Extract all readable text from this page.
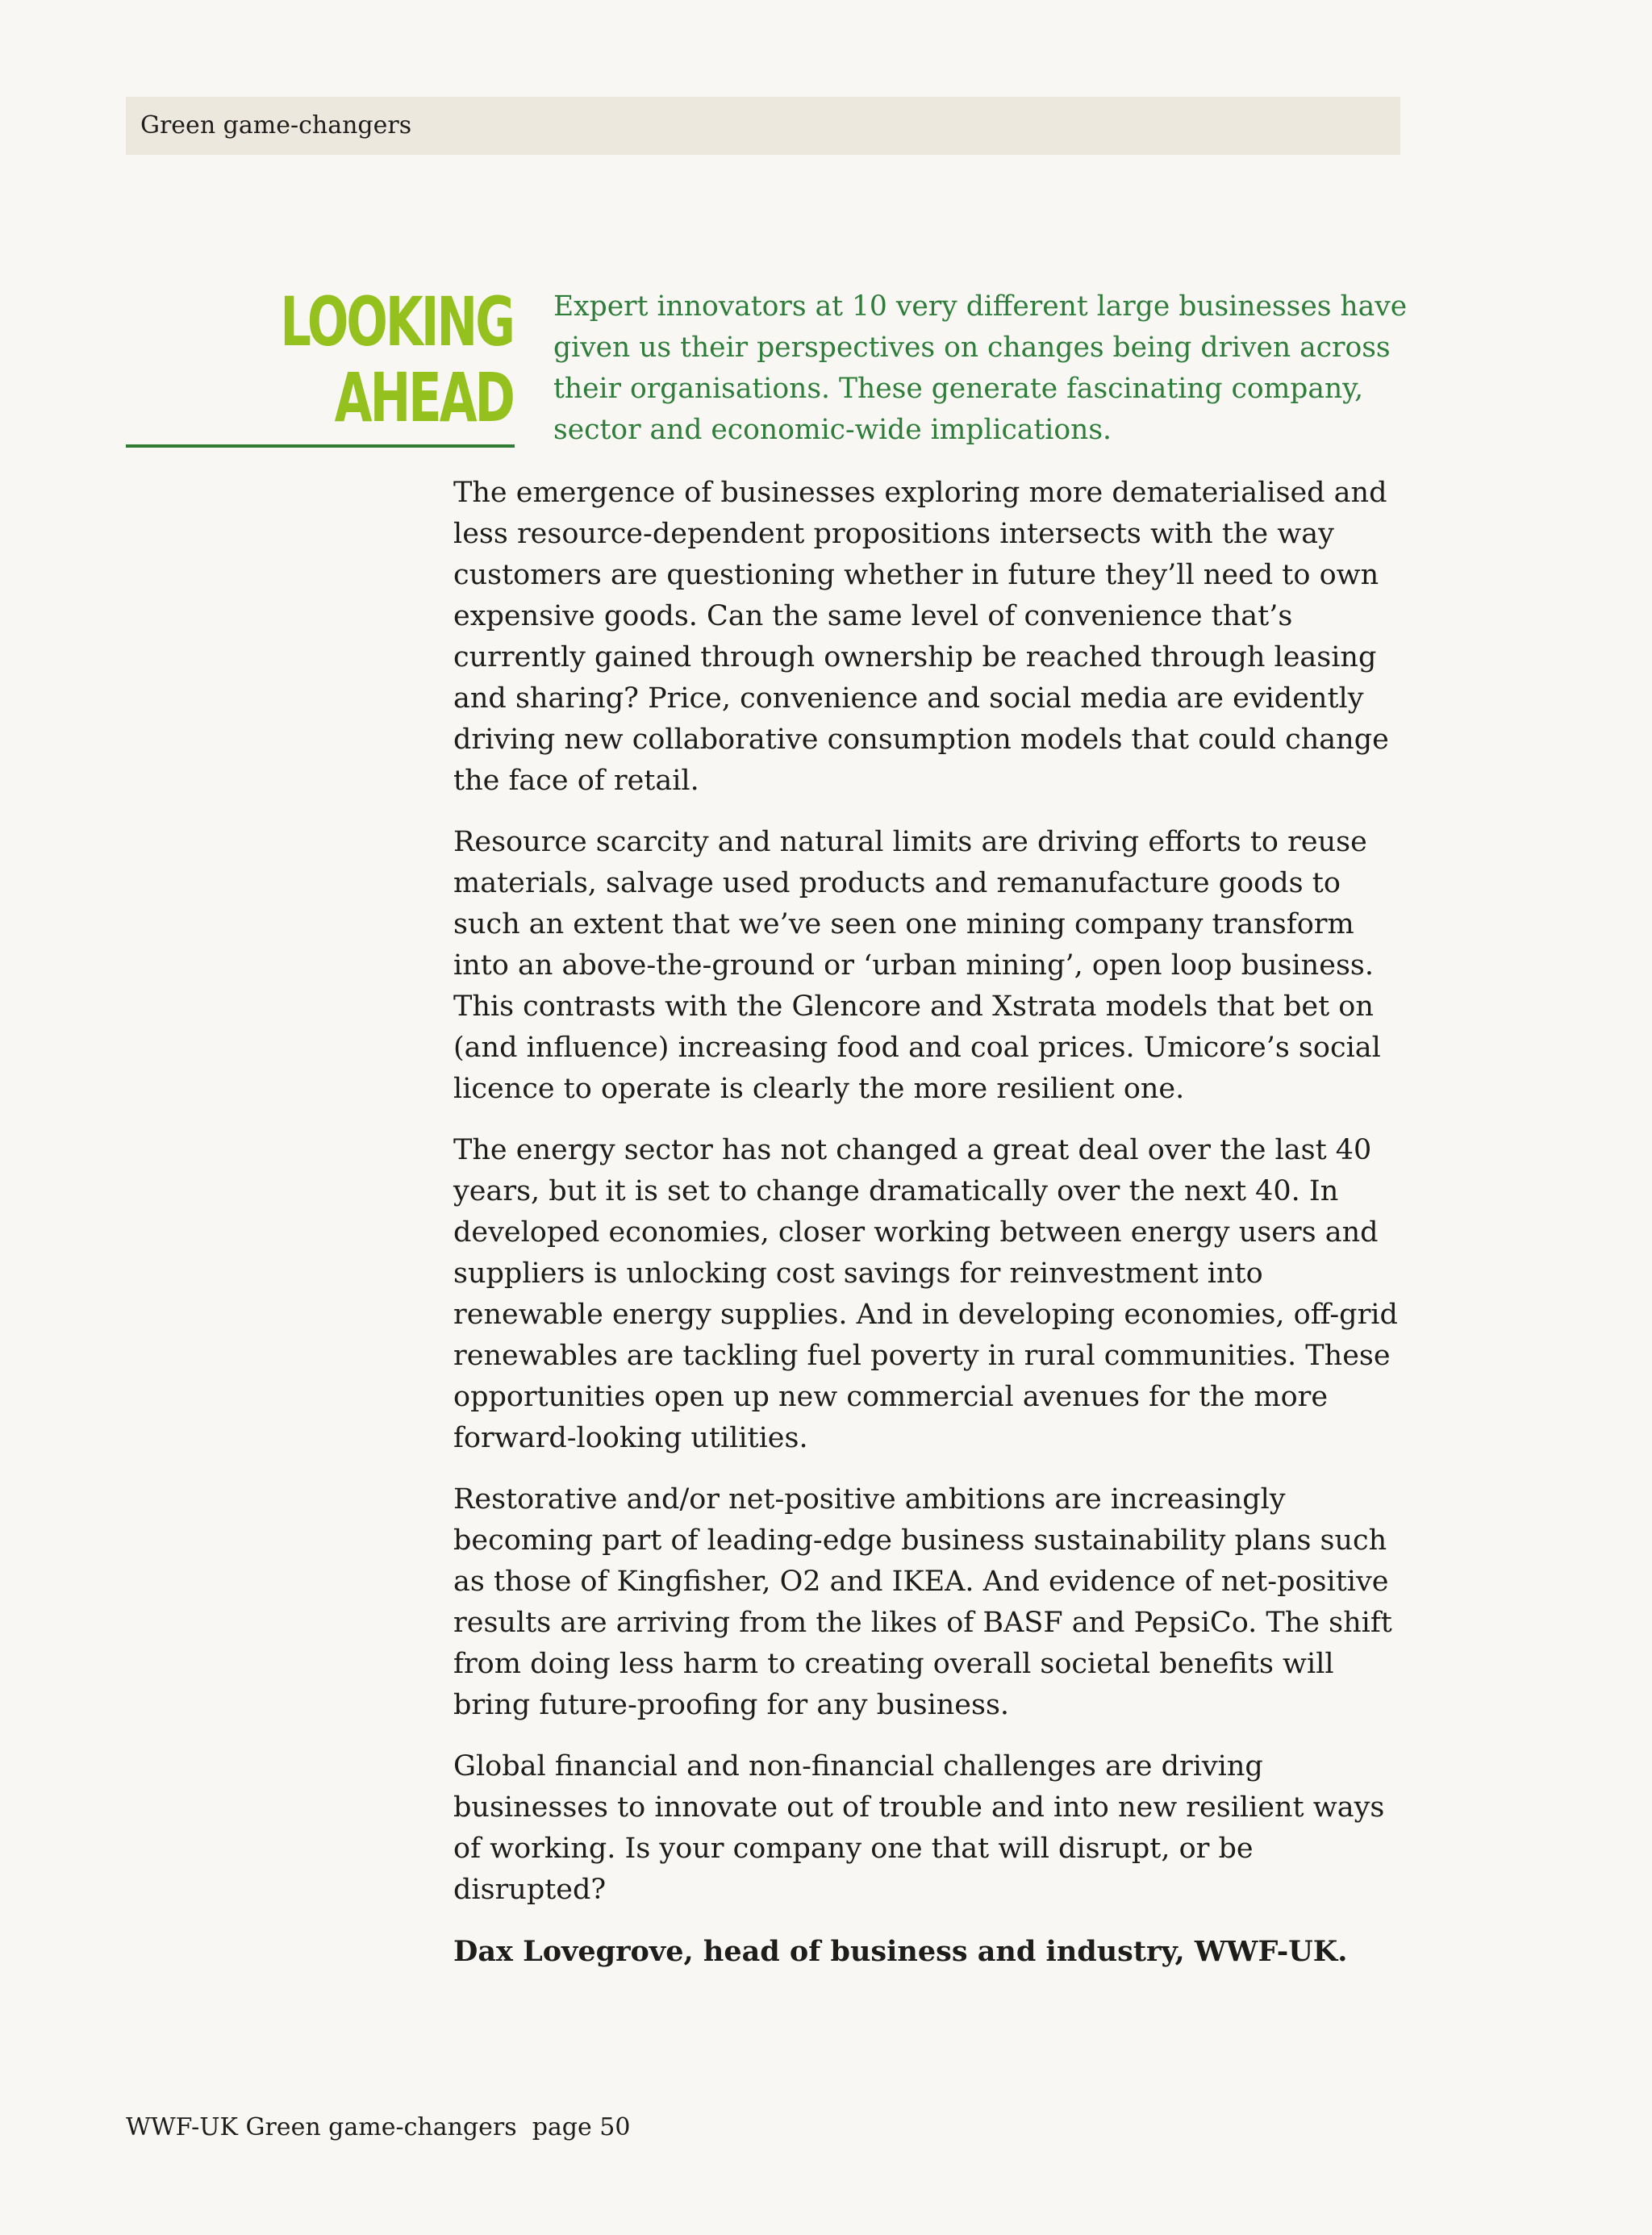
Green game-changers
LOOKING
AHEAD
Expert innovators at 10 very different large businesses have given us their perspectives on changes being driven across their organisations. These generate fascinating company, sector and economic-wide implications.

The emergence of businesses exploring more dematerialised and less resource-dependent propositions intersects with the way customers are questioning whether in future they’ll need to own expensive goods. Can the same level of convenience that’s currently gained through ownership be reached through leasing and sharing? Price, convenience and social media are evidently driving new collaborative consumption models that could change the face of retail.

Resource scarcity and natural limits are driving efforts to reuse materials, salvage used products and remanufacture goods to such an extent that we’ve seen one mining company transform into an above-the-ground or ‘urban mining’, open loop business. This contrasts with the Glencore and Xstrata models that bet on (and influence) increasing food and coal prices. Umicore’s social licence to operate is clearly the more resilient one.

The energy sector has not changed a great deal over the last 40 years, but it is set to change dramatically over the next 40. In developed economies, closer working between energy users and suppliers is unlocking cost savings for reinvestment into renewable energy supplies. And in developing economies, off-grid renewables are tackling fuel poverty in rural communities. These opportunities open up new commercial avenues for the more forward-looking utilities.

Restorative and/or net-positive ambitions are increasingly becoming part of leading-edge business sustainability plans such as those of Kingfisher, O2 and IKEA. And evidence of net-positive results are arriving from the likes of BASF and PepsiCo. The shift from doing less harm to creating overall societal benefits will bring future-proofing for any business.

Global financial and non-financial challenges are driving businesses to innovate out of trouble and into new resilient ways of working. Is your company one that will disrupt, or be disrupted?

Dax Lovegrove, head of business and industry, WWF-UK.

WWF-UK Green game-changers page 50
